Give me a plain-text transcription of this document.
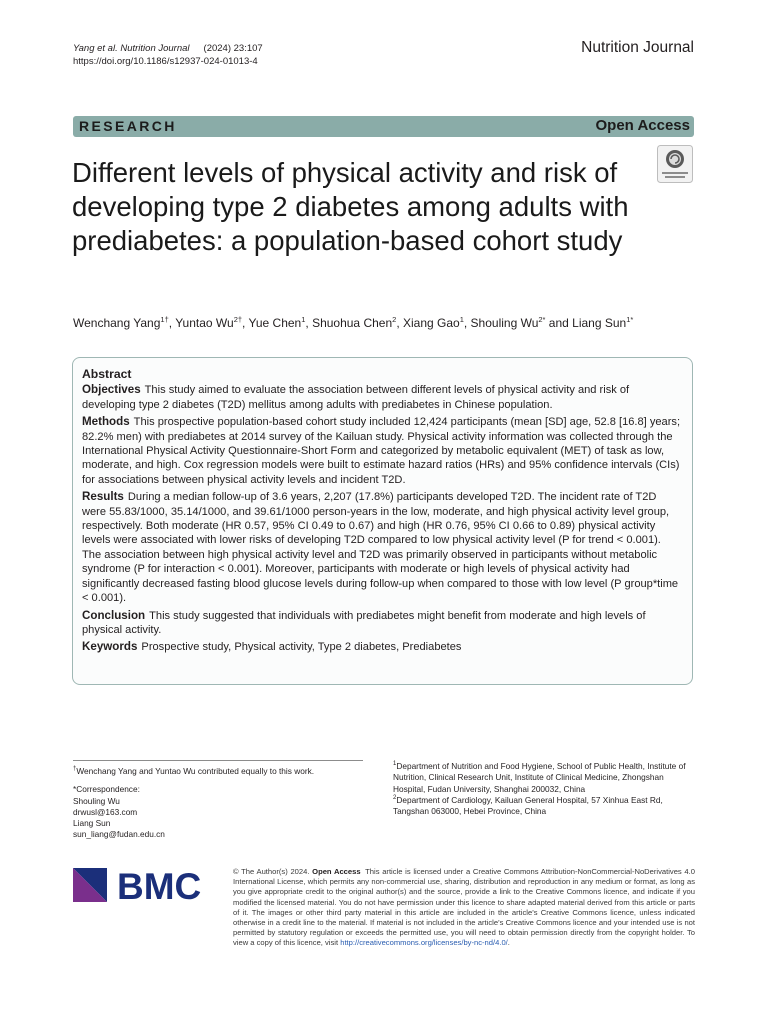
Yang et al. Nutrition Journal (2024) 23:107
https://doi.org/10.1186/s12937-024-01013-4
Nutrition Journal
RESEARCH	Open Access
Different levels of physical activity and risk of developing type 2 diabetes among adults with prediabetes: a population-based cohort study
Wenchang Yang$^{1\dagger}$, Yuntao $Wu^{2\dagger}$, Yue Chen$^1$, Shuohua Chen$^2$, Xiang Gao$^1$, Shouling $Wu^{2*}$ and Liang Sun$^{1*}$
Abstract

Objectives This study aimed to evaluate the association between different levels of physical activity and risk of developing type 2 diabetes (T2D) mellitus among adults with prediabetes in Chinese population.

Methods This prospective population-based cohort study included 12,424 participants (mean [SD] age, 52.8 [16.8] years; 82.2% men) with prediabetes at 2014 survey of the Kailuan study. Physical activity information was collected through the International Physical Activity Questionnaire-Short Form and categorized by metabolic equivalent (MET) of task as low, moderate, and high. Cox regression models were built to estimate hazard ratios (HRs) and 95% confidence intervals (CIs) for associations between physical activity levels and incident T2D.

Results During a median follow-up of 3.6 years, 2,207 (17.8%) participants developed T2D. The incident rate of T2D were 55.83/1000, 35.14/1000, and 39.61/1000 person-years in the low, moderate, and high physical activity level group, respectively. Both moderate (HR 0.57, 95% CI 0.49 to 0.67) and high (HR 0.76, 95% CI 0.66 to 0.89) physical activity levels were associated with lower risks of developing T2D compared to low physical activity level (P for trend < 0.001). The association between high physical activity level and T2D was primarily observed in participants without metabolic syndrome (P for interaction < 0.001). Moreover, participants with moderate or high levels of physical activity had significantly decreased fasting blood glucose levels during follow-up when compared to those with low level (P group*time < 0.001).

Conclusion This study suggested that individuals with prediabetes might benefit from moderate and high levels of physical activity.

Keywords Prospective study, Physical activity, Type 2 diabetes, Prediabetes

†Wenchang Yang and Yuntao Wu contributed equally to this work.

*Correspondence:
Shouling Wu
drwusl@163.com
Liang Sun
sun_liang@fudan.edu.cn

$^1$Department of Nutrition and Food Hygiene, School of Public Health, Institute of Nutrition, Clinical Research Unit, Institute of Clinical Medicine, Zhongshan Hospital, Fudan University, Shanghai 200032, China

$^2$Department of Cardiology, Kailuan General Hospital, 57 Xinhua East Rd, Tangshan 063000, Hebei Province, China

BMC	© The Author(s) 2024. Open Access This article is licensed under a Creative Commons Attribution-NonCommercial-NoDerivatives 4.0 International License, which permits any non-commercial use, sharing, distribution and reproduction in any medium or format, as long as you give appropriate credit to the original author(s) and the source, provide a link to the Creative Commons licence, and indicate if you modified the licensed material. You do not have permission under this licence to share adapted material derived from this article or parts of it. The images or other third party material in this article are included in the article’s Creative Commons licence, unless indicated otherwise in a credit line to the material. If material is not included in the article’s Creative Commons licence and your intended use is not permitted by statutory regulation or exceeds the permitted use, you will need to obtain permission directly from the copyright holder. To view a copy of this licence, visit http://creativecommons.org/licenses/by-nc-nd/4.0/.
